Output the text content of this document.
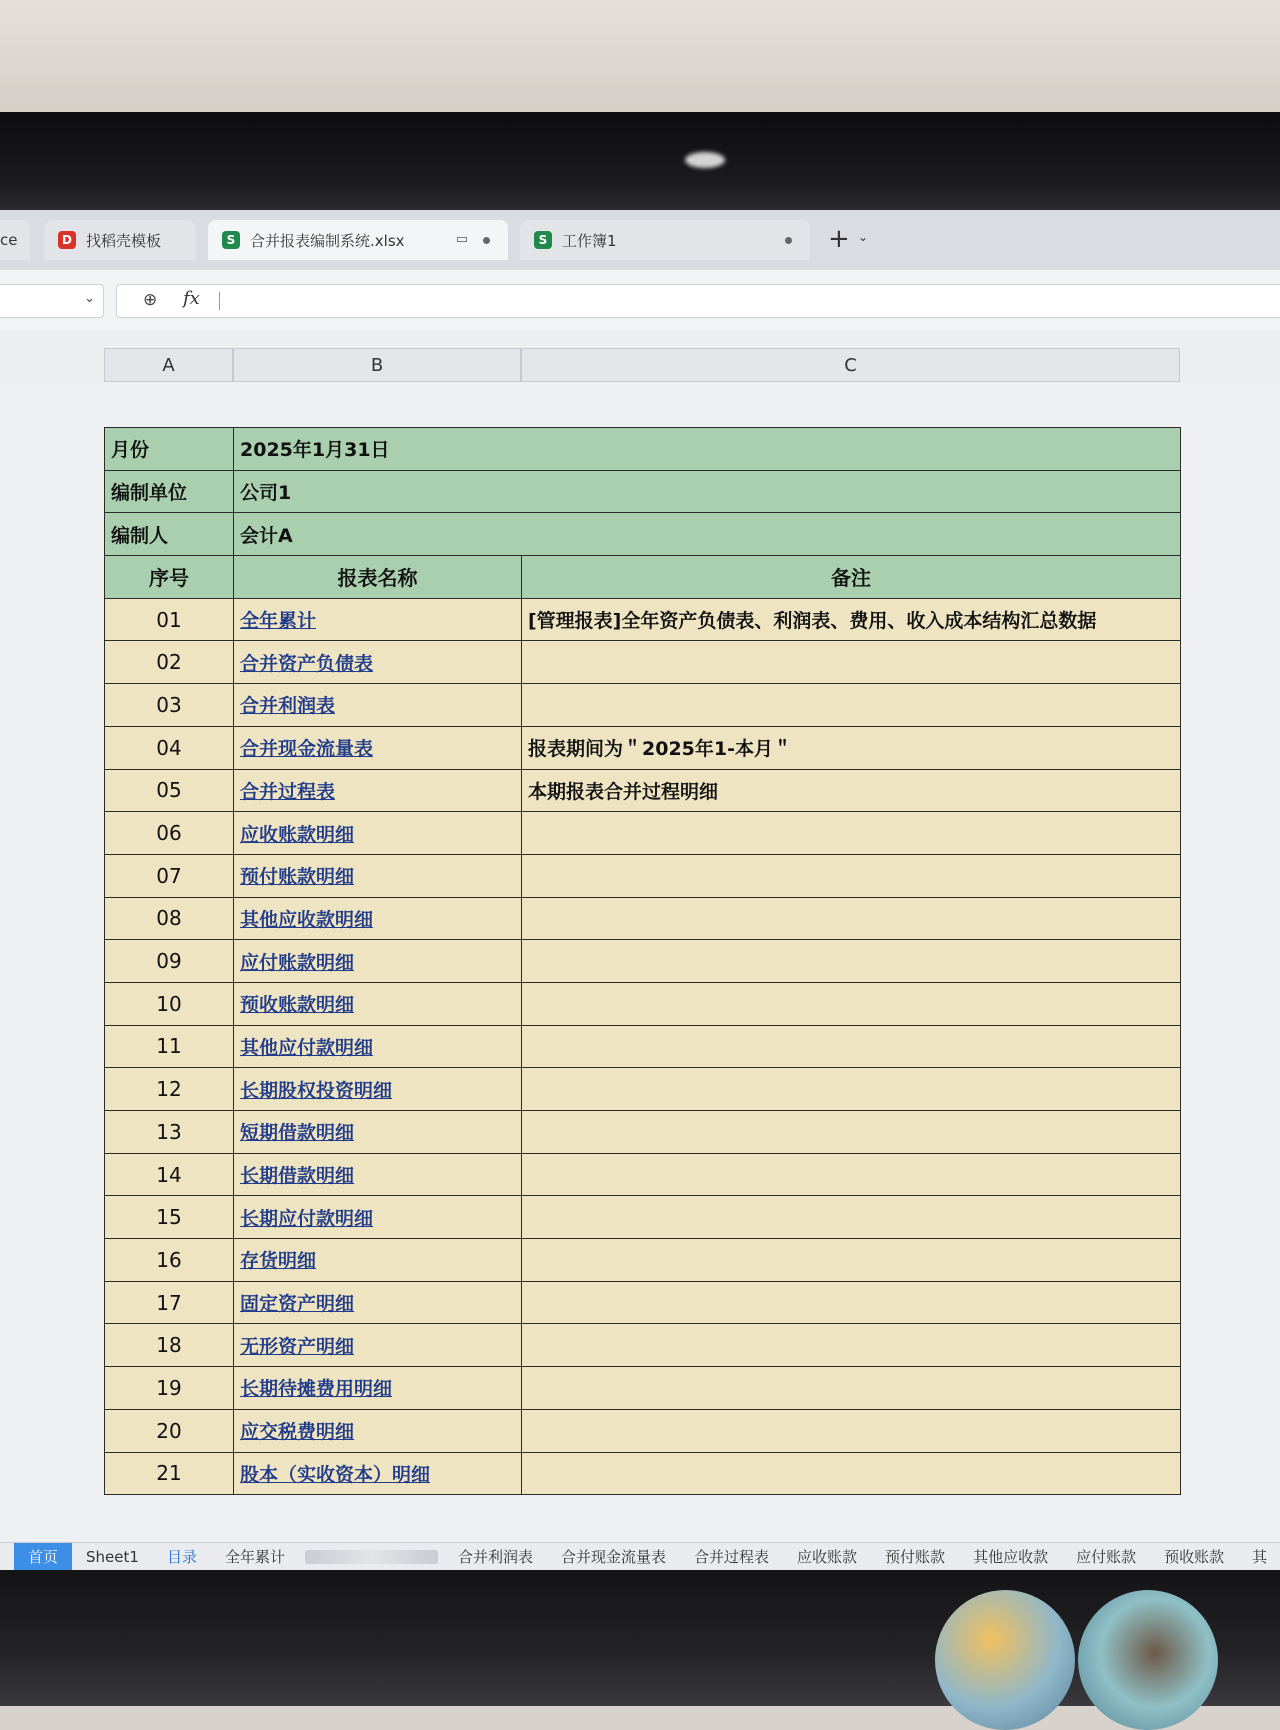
ce	D 找稻壳模板	S 合并报表编制系统.xlsx	▭	S 工作簿1	+ ⌄
⌄	⊕ fx
A	B	C
月份	2025年1月31日	
编制单位	公司1	
编制人	会计A	
序号	报表名称	备注
01	全年累计	[管理报表]全年资产负债表、利润表、费用、收入成本结构汇总数据
02	合并资产负债表	
03	合并利润表	
04	合并现金流量表	报表期间为＂2025年1-本月＂
05	合并过程表	本期报表合并过程明细
06	应收账款明细	
07	预付账款明细	
08	其他应收款明细	
09	应付账款明细	
10	预收账款明细	
11	其他应付款明细	
12	长期股权投资明细	
13	短期借款明细	
14	长期借款明细	
15	长期应付款明细	
16	存货明细	
17	固定资产明细	
18	无形资产明细	
19	长期待摊费用明细	
20	应交税费明细	
21	股本（实收资本）明细	
首页	Sheet1	目录	全年累计	合并利润表	合并现金流量表	合并过程表	应收账款	预付账款	其他应收款	应付账款	预收账款	其
